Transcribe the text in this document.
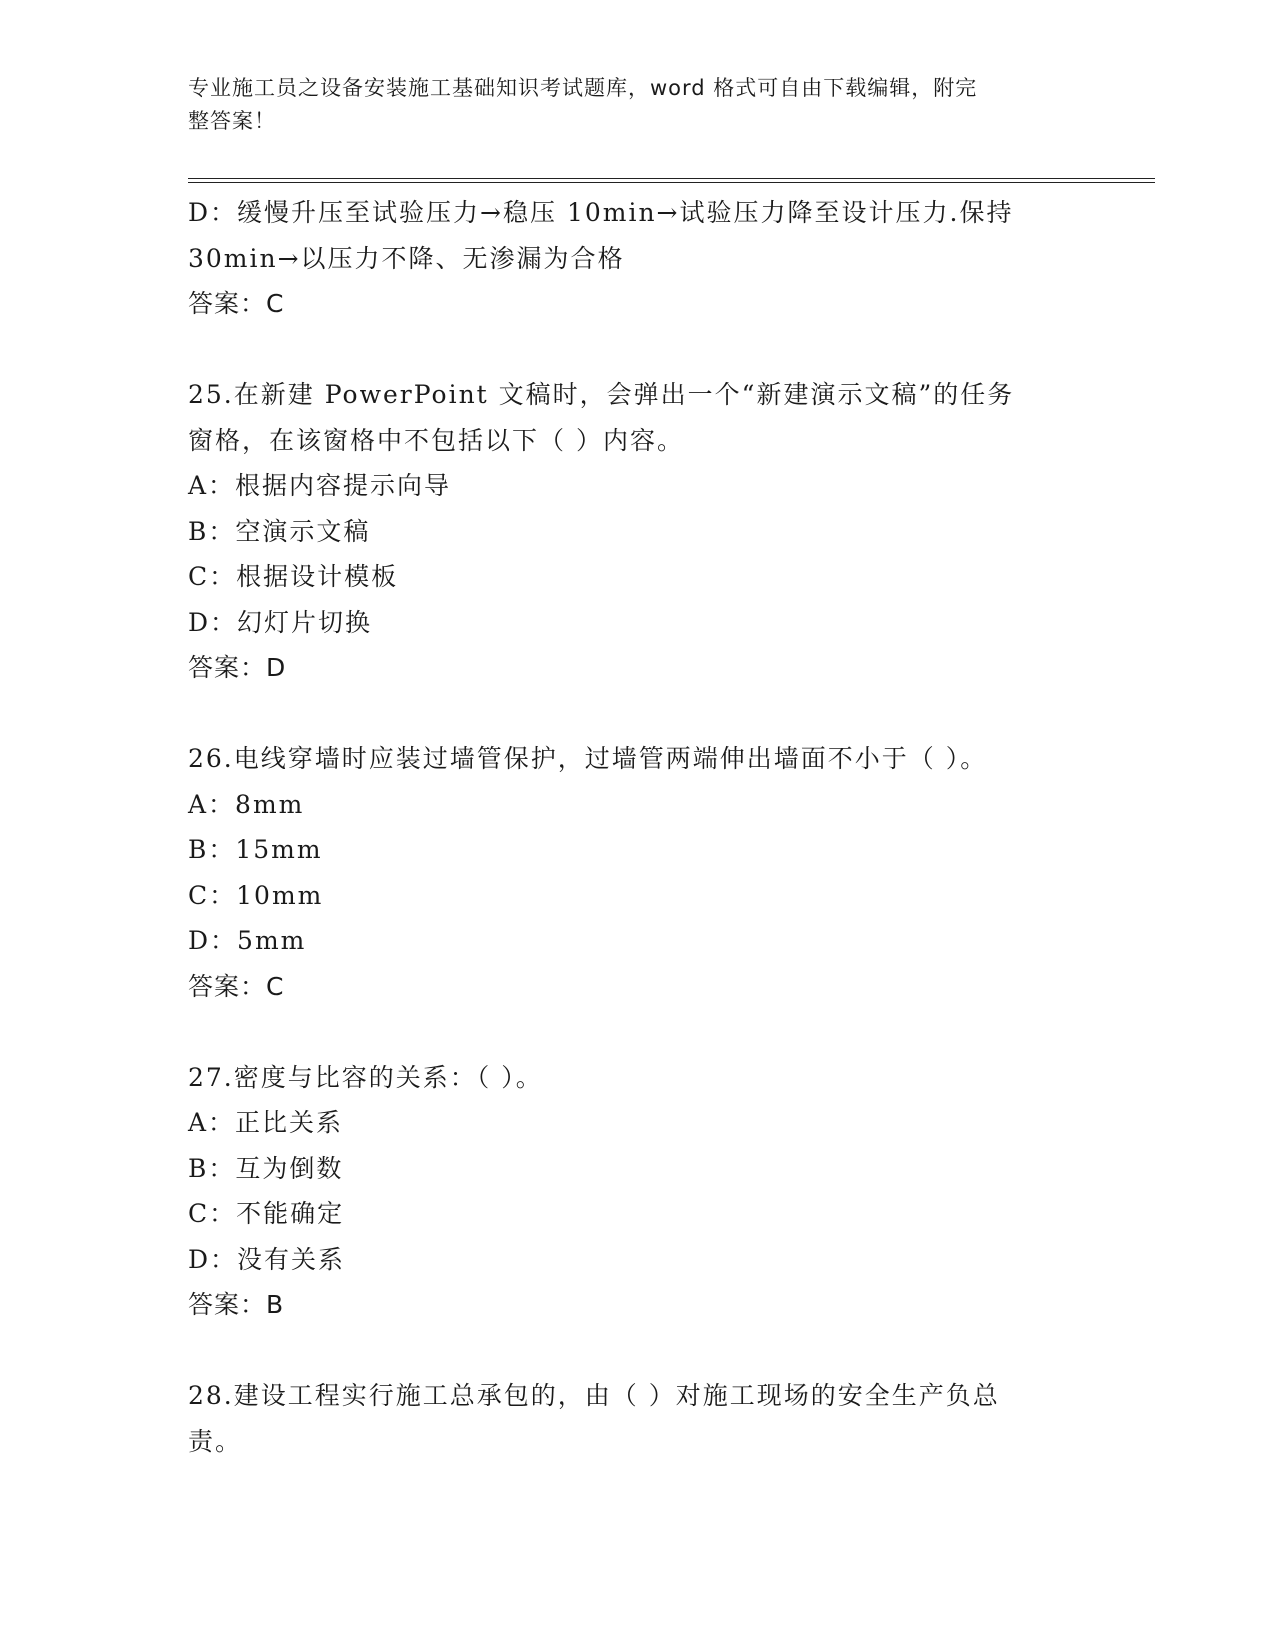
专业施工员之设备安装施工基础知识考试题库，word 格式可自由下载编辑，附完
整答案！
D：缓慢升压至试验压力→稳压 10min→试验压力降至设计压力.保持
30min→以压力不降、无渗漏为合格
答案：C
25.在新建 PowerPoint 文稿时，会弹出一个“新建演示文稿”的任务
窗格，在该窗格中不包括以下（ ）内容。
A：根据内容提示向导
B：空演示文稿
C：根据设计模板
D：幻灯片切换
答案：D
26.电线穿墙时应装过墙管保护，过墙管两端伸出墙面不小于（ ）。
A：8mm
B：15mm
C：10mm
D：5mm
答案：C
27.密度与比容的关系：（ ）。
A：正比关系
B：互为倒数
C：不能确定
D：没有关系
答案：B
28.建设工程实行施工总承包的，由（ ）对施工现场的安全生产负总
责。
